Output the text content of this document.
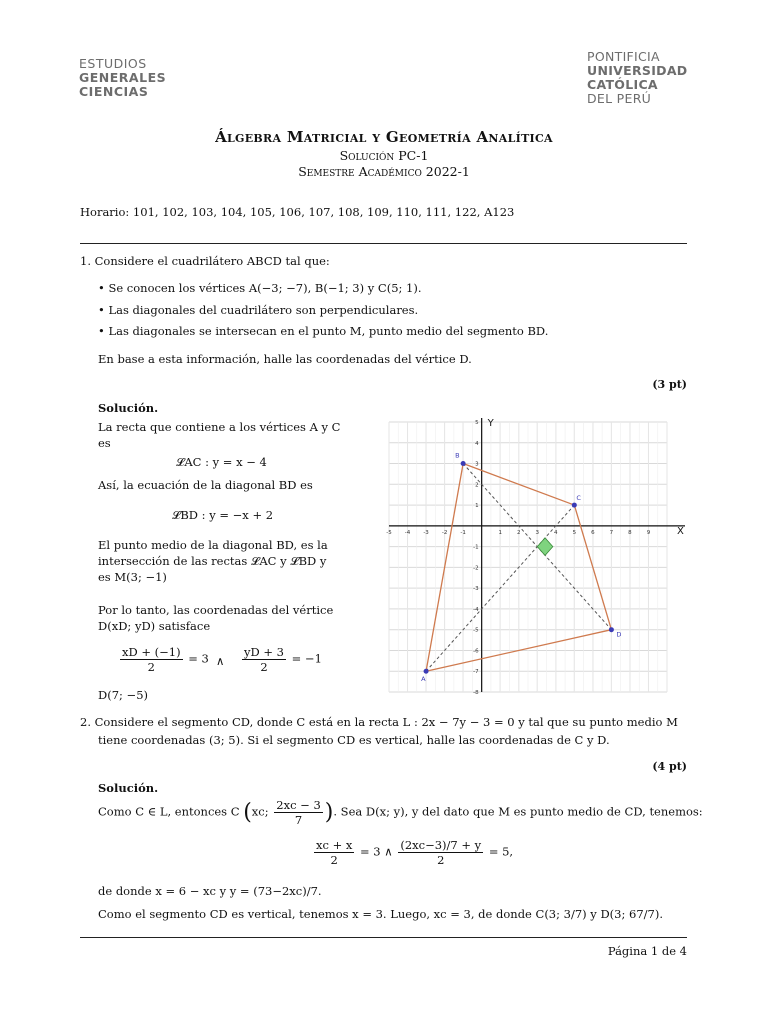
ESTUDIOS
GENERALES
CIENCIAS
PONTIFICIA
UNIVERSIDAD
CATÓLICA
DEL PERÚ
Álgebra Matricial y Geometría Analítica
Solución PC-1
Semestre Académico 2022-1
Horario: 101, 102, 103, 104, 105, 106, 107, 108, 109, 110, 111, 122, A123
1. Considere el cuadrilátero ABCD tal que:
• Se conocen los vértices A(−3; −7), B(−1; 3) y C(5; 1).
• Las diagonales del cuadrilátero son perpendiculares.
• Las diagonales se intersecan en el punto M, punto medio del segmento BD.
En base a esta información, halle las coordenadas del vértice D.
(3 pt)
Solución.
La recta que contiene a los vértices A y C
es
𝓛AC : y = x − 4
Así, la ecuación de la diagonal BD es
𝓛BD : y = −x + 2
El punto medio de la diagonal BD, es la
intersección de las rectas 𝓛AC y 𝓛BD y
es M(3; −1)
Por lo tanto, las coordenadas del vértice
D(xD; yD) satisface
$\frac{xD + (-1)}{2} = 3$ ∧ $\frac{yD + 3}{2} = -1$
D(7; −5)
X
Y
-5 -4 -3 -2 -1	1	2	3	4	5	6	7	8	9
5
4
3
2
1
-1
-2
-3
-4
-5
-6
-7
-8
A
B
C
D
2. Considere el segmento CD, donde C está en la recta L : 2x − 7y − 3 = 0 y tal que su punto medio M
tiene coordenadas (3; 5). Si el segmento CD es vertical, halle las coordenadas de C y D.
(4 pt)
Solución.
Como C ∈ L, entonces C (xc; $\frac{2xc - 3}{7}$ ). Sea D(x; y), y del dato que M es punto medio de CD, tenemos:
$\frac{xc + x}{2} = 3$ ∧ $\frac{(2xc-3)/7 + y}{2} = 5$,
de donde x = 6 − xc y y = (73−2xc)/7.
Como el segmento CD es vertical, tenemos x = 3. Luego, xc = 3, de donde C(3; 3/7) y D(3; 67/7).
Página 1 de 4
